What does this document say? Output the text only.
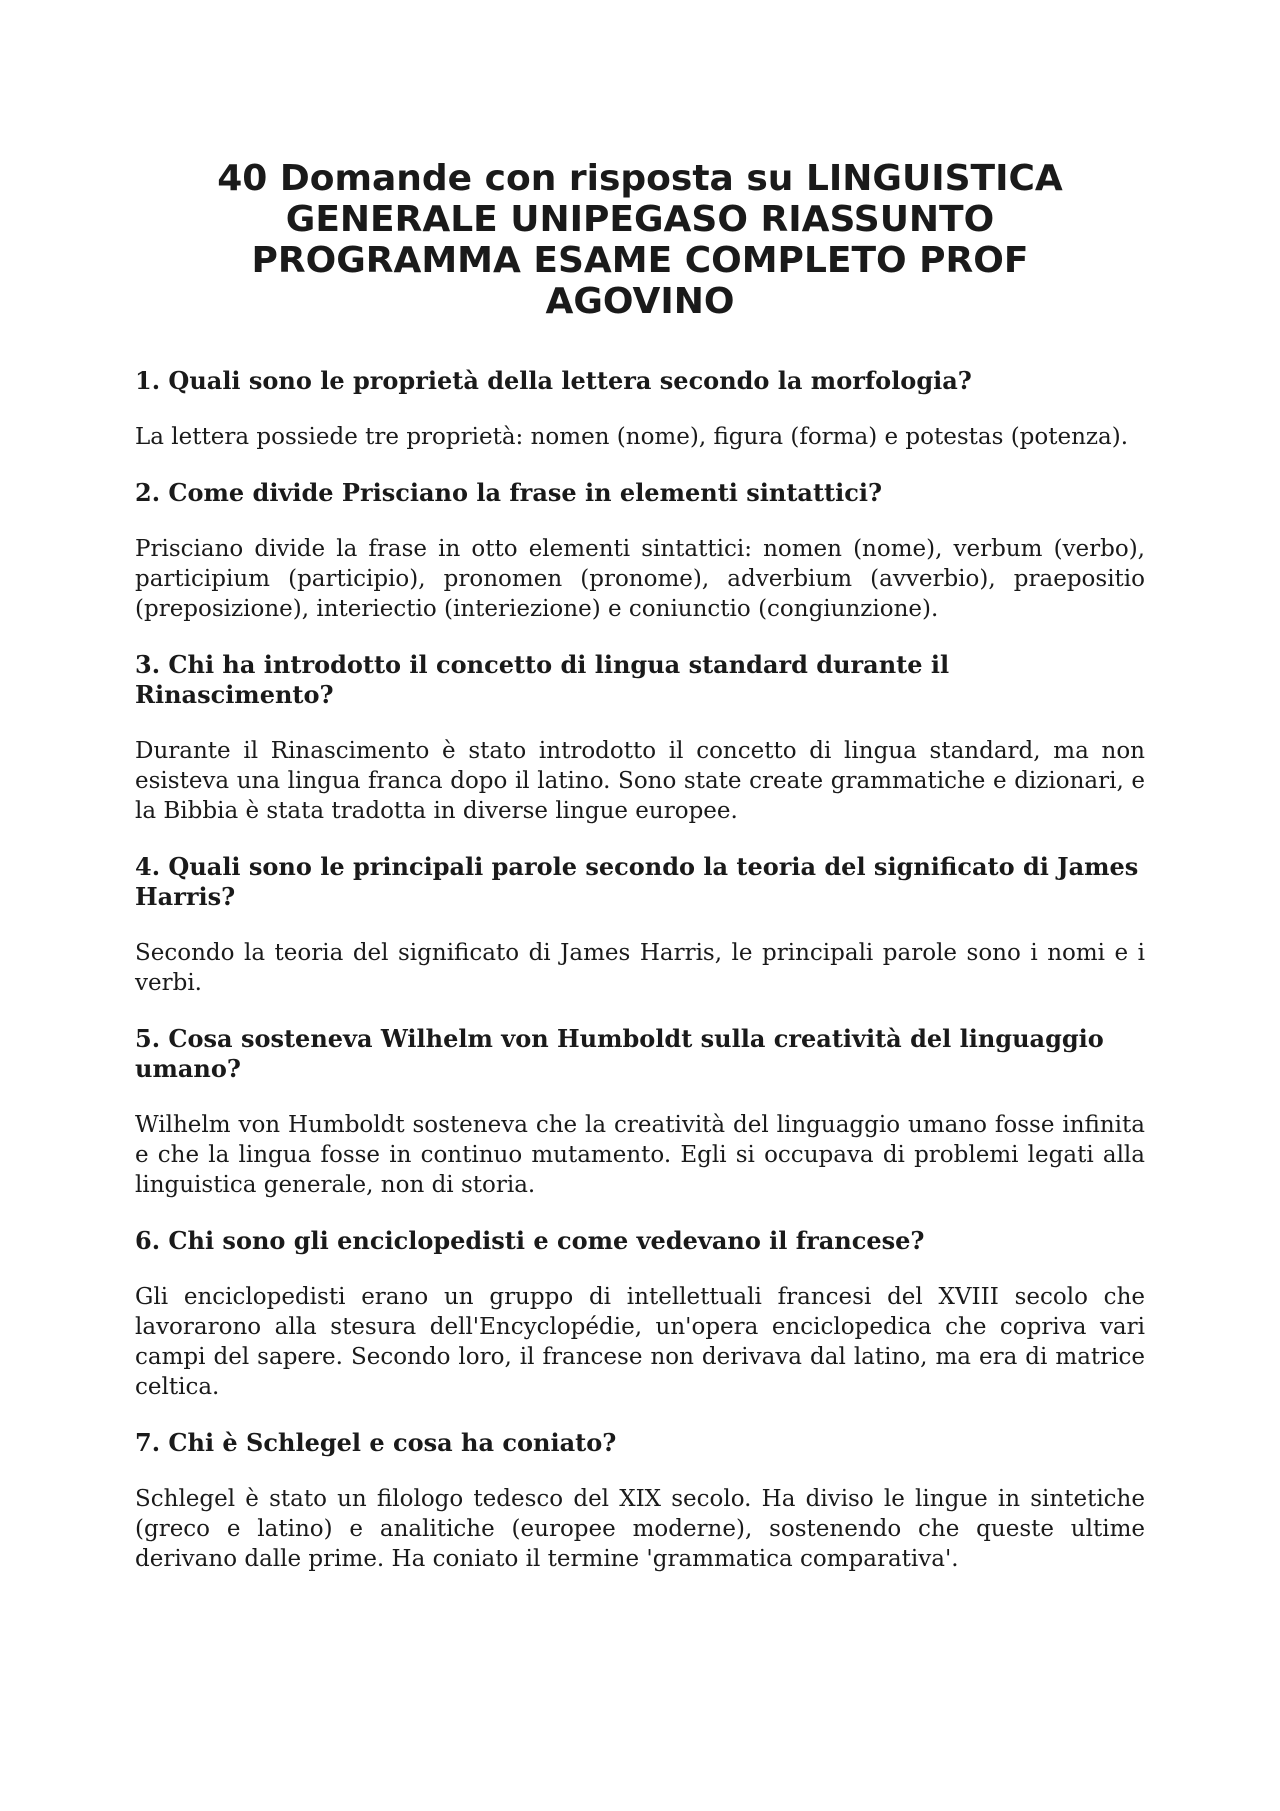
40 Domande con risposta su LINGUISTICA GENERALE UNIPEGASO RIASSUNTO PROGRAMMA ESAME COMPLETO PROF AGOVINO

1. Quali sono le proprietà della lettera secondo la morfologia?

La lettera possiede tre proprietà: nomen (nome), figura (forma) e potestas (potenza).

2. Come divide Prisciano la frase in elementi sintattici?

Prisciano divide la frase in otto elementi sintattici: nomen (nome), verbum (verbo), participium (participio), pronomen (pronome), adverbium (avverbio), praepositio (preposizione), interiectio (interiezione) e coniunctio (congiunzione).

3. Chi ha introdotto il concetto di lingua standard durante il Rinascimento?

Durante il Rinascimento è stato introdotto il concetto di lingua standard, ma non esisteva una lingua franca dopo il latino. Sono state create grammatiche e dizionari, e la Bibbia è stata tradotta in diverse lingue europee.

4. Quali sono le principali parole secondo la teoria del significato di James Harris?

Secondo la teoria del significato di James Harris, le principali parole sono i nomi e i verbi.

5. Cosa sosteneva Wilhelm von Humboldt sulla creatività del linguaggio umano?

Wilhelm von Humboldt sosteneva che la creatività del linguaggio umano fosse infinita e che la lingua fosse in continuo mutamento. Egli si occupava di problemi legati alla linguistica generale, non di storia.

6. Chi sono gli enciclopedisti e come vedevano il francese?

Gli enciclopedisti erano un gruppo di intellettuali francesi del XVIII secolo che lavorarono alla stesura dell'Encyclopédie, un'opera enciclopedica che copriva vari campi del sapere. Secondo loro, il francese non derivava dal latino, ma era di matrice celtica.

7. Chi è Schlegel e cosa ha coniato?

Schlegel è stato un filologo tedesco del XIX secolo. Ha diviso le lingue in sintetiche (greco e latino) e analitiche (europee moderne), sostenendo che queste ultime derivano dalle prime. Ha coniato il termine 'grammatica comparativa'.
